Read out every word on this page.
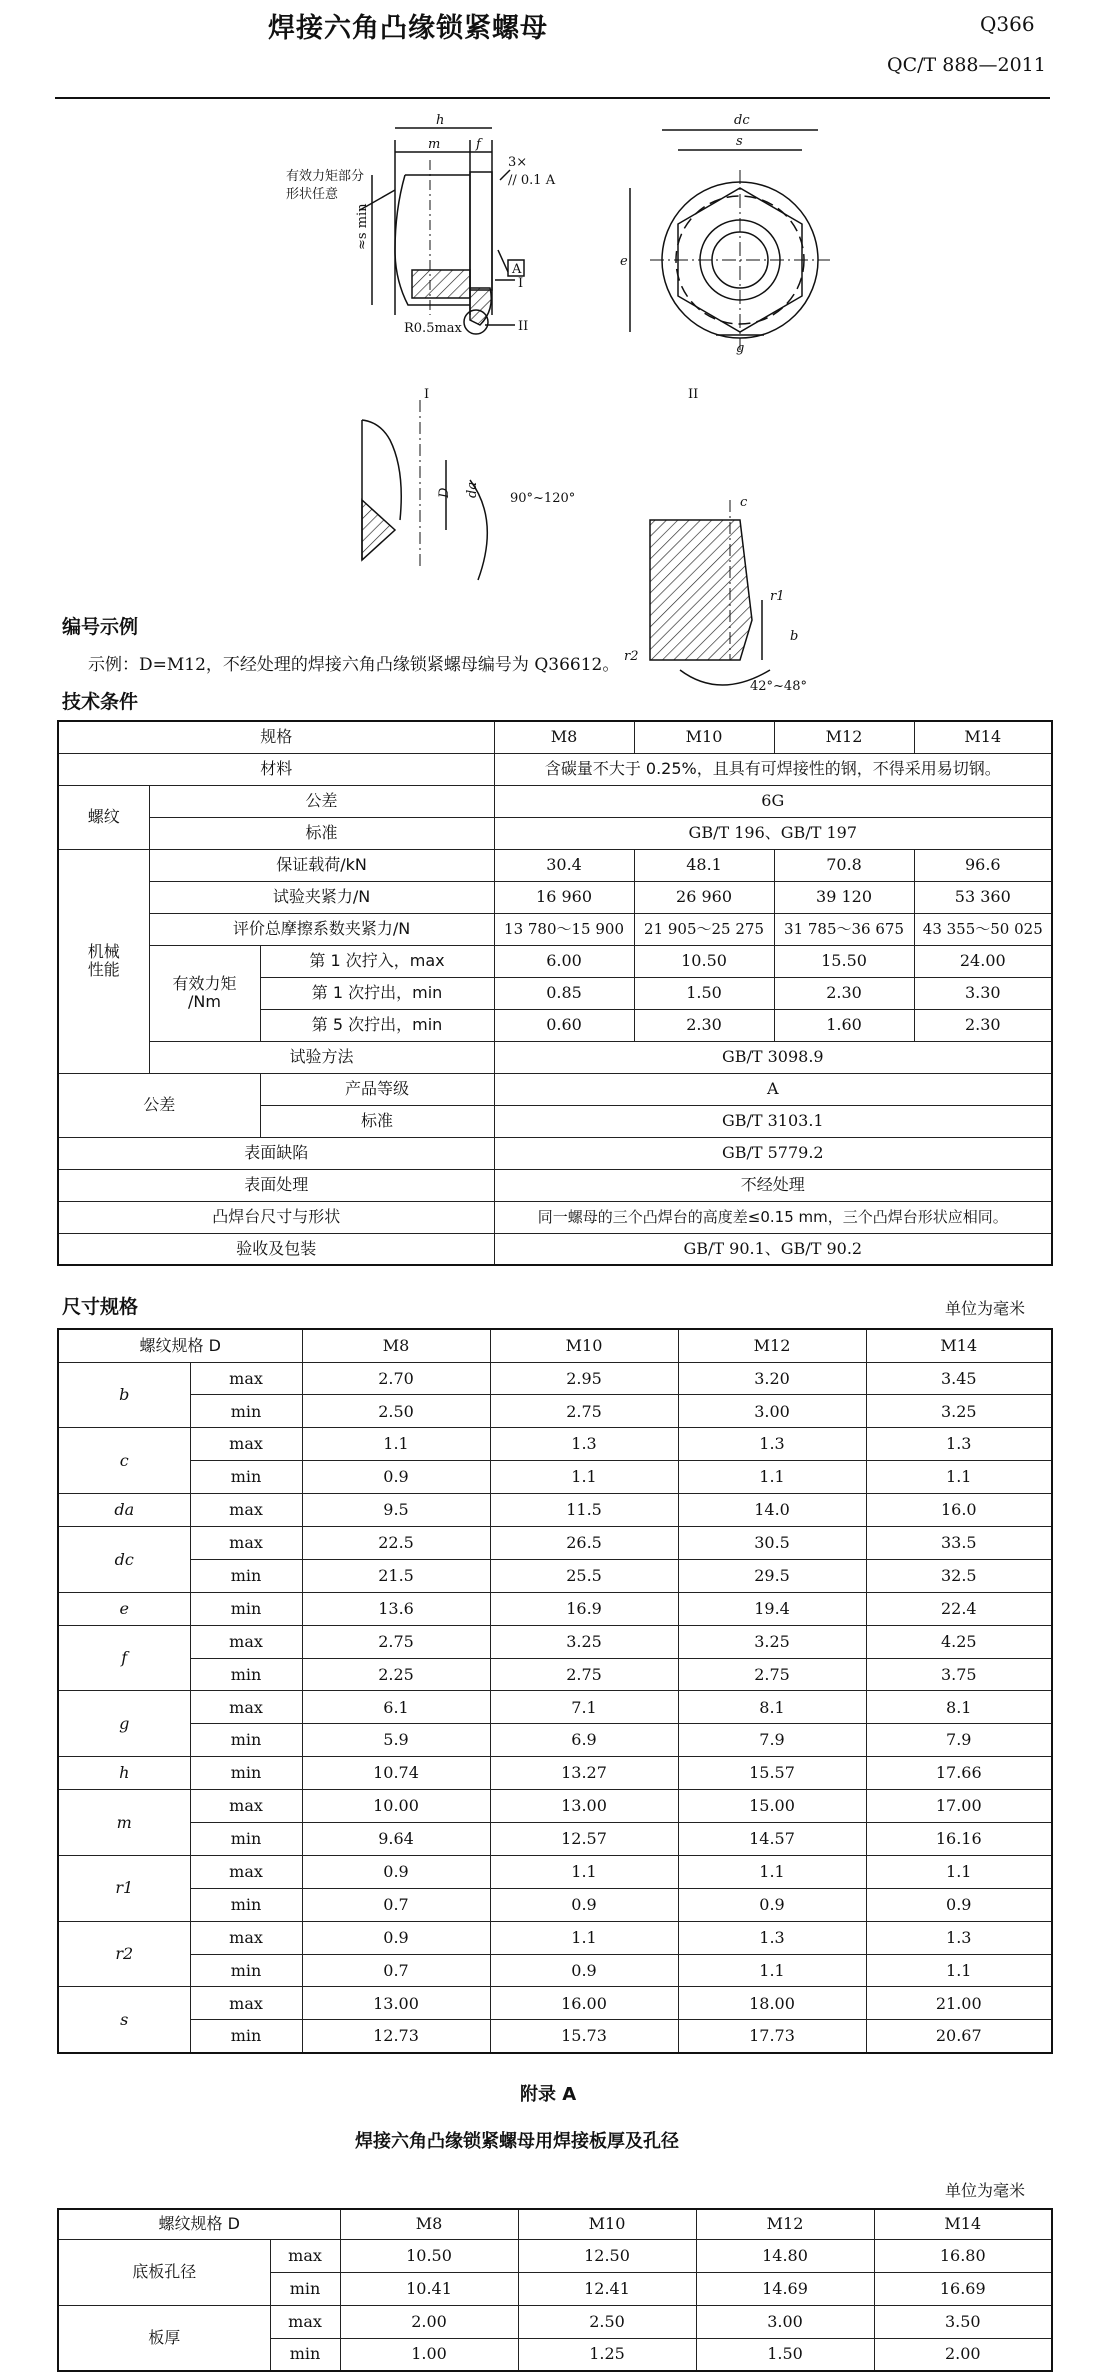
焊接六角凸缘锁紧螺母	Q366
QC/T 888—2011
h
m	f
有效力矩部分
形状任意
3×
// 0.1 A
≈s min
A
I
R0.5max	II
dc
s
e
g
I
D da
90°~120°
II
c
r1
b
r2
42°~48°
编号示例
示例：D=M12，不经处理的焊接六角凸缘锁紧螺母编号为 Q36612。
技术条件
规格			M8	M10	M12	M14
材料			含碳量不大于 0.25%，且具有可焊接性的钢，不得采用易切钢。			
螺纹	公差		6G			
	标准		GB/T 196、GB/T 197			

机械
性能	保证载荷/kN		30.4	48.1	70.8	96.6
	试验夹紧力/N		16 960	26 960	39 120	53 360
	评价总摩擦系数夹紧力/N		13 780～15 900	21 905～25 275	31 785～36 675	43 355～50 025

	有效力矩
/Nm	第 1 次拧入，max	6.00	10.50	15.50	24.00
		第 1 次拧出，min	0.85	1.50	2.30	3.30
		第 5 次拧出，min	0.60	2.30	1.60	2.30
	试验方法		GB/T 3098.9			
公差		产品等级	A			
		标准	GB/T 3103.1			
表面缺陷			GB/T 5779.2			
表面处理			不经处理			
凸焊台尺寸与形状			同一螺母的三个凸焊台的高度差≤0.15 mm，三个凸焊台形状应相同。			
验收及包装			GB/T 90.1、GB/T 90.2			
尺寸规格	单位为毫米
螺纹规格 D		M8	M10	M12	M14
b	max	2.70	2.95	3.20	3.45
	min	2.50	2.75	3.00	3.25
c	max	1.1	1.3	1.3	1.3
	min	0.9	1.1	1.1	1.1
da	max	9.5	11.5	14.0	16.0
dc	max	22.5	26.5	30.5	33.5
	min	21.5	25.5	29.5	32.5
e	min	13.6	16.9	19.4	22.4
f	max	2.75	3.25	3.25	4.25
	min	2.25	2.75	2.75	3.75
g	max	6.1	7.1	8.1	8.1
	min	5.9	6.9	7.9	7.9
h	min	10.74	13.27	15.57	17.66
m	max	10.00	13.00	15.00	17.00
	min	9.64	12.57	14.57	16.16
r1	max	0.9	1.1	1.1	1.1
	min	0.7	0.9	0.9	0.9
r2	max	0.9	1.1	1.3	1.3
	min	0.7	0.9	1.1	1.1
s	max	13.00	16.00	18.00	21.00
	min	12.73	15.73	17.73	20.67
附录 A
焊接六角凸缘锁紧螺母用焊接板厚及孔径
单位为毫米
螺纹规格 D		M8	M10	M12	M14
底板孔径	max	10.50	12.50	14.80	16.80
	min	10.41	12.41	14.69	16.69
板厚	max	2.00	2.50	3.00	3.50
	min	1.00	1.25	1.50	2.00
